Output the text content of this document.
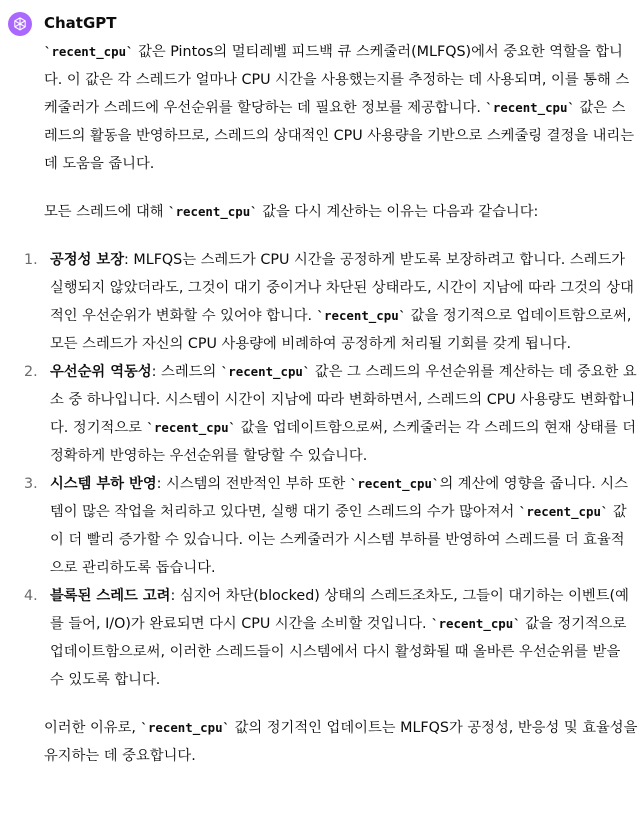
ChatGPT

`recent_cpu` 값은 Pintos의 멀티레벨 피드백 큐 스케줄러(MLFQS)에서 중요한 역할을 합니다. 이 값은 각 스레드가 얼마나 CPU 시간을 사용했는지를 추정하는 데 사용되며, 이를 통해 스케줄러가 스레드에 우선순위를 할당하는 데 필요한 정보를 제공합니다. `recent_cpu` 값은 스레드의 활동을 반영하므로, 스레드의 상대적인 CPU 사용량을 기반으로 스케줄링 결정을 내리는 데 도움을 줍니다.

모든 스레드에 대해 `recent_cpu` 값을 다시 계산하는 이유는 다음과 같습니다:

1. 공정성 보장: MLFQS는 스레드가 CPU 시간을 공정하게 받도록 보장하려고 합니다. 스레드가 실행되지 않았더라도, 그것이 대기 중이거나 차단된 상태라도, 시간이 지남에 따라 그것의 상대적인 우선순위가 변화할 수 있어야 합니다. `recent_cpu` 값을 정기적으로 업데이트함으로써, 모든 스레드가 자신의 CPU 사용량에 비례하여 공정하게 처리될 기회를 갖게 됩니다.
2. 우선순위 역동성: 스레드의 `recent_cpu` 값은 그 스레드의 우선순위를 계산하는 데 중요한 요소 중 하나입니다. 시스템이 시간이 지남에 따라 변화하면서, 스레드의 CPU 사용량도 변화합니다. 정기적으로 `recent_cpu` 값을 업데이트함으로써, 스케줄러는 각 스레드의 현재 상태를 더 정확하게 반영하는 우선순위를 할당할 수 있습니다.
3. 시스템 부하 반영: 시스템의 전반적인 부하 또한 `recent_cpu`의 계산에 영향을 줍니다. 시스템이 많은 작업을 처리하고 있다면, 실행 대기 중인 스레드의 수가 많아져서 `recent_cpu` 값이 더 빨리 증가할 수 있습니다. 이는 스케줄러가 시스템 부하를 반영하여 스레드를 더 효율적으로 관리하도록 돕습니다.
4. 블록된 스레드 고려: 심지어 차단(blocked) 상태의 스레드조차도, 그들이 대기하는 이벤트(예를 들어, I/O)가 완료되면 다시 CPU 시간을 소비할 것입니다. `recent_cpu` 값을 정기적으로 업데이트함으로써, 이러한 스레드들이 시스템에서 다시 활성화될 때 올바른 우선순위를 받을 수 있도록 합니다.

이러한 이유로, `recent_cpu` 값의 정기적인 업데이트는 MLFQS가 공정성, 반응성 및 효율성을 유지하는 데 중요합니다.
